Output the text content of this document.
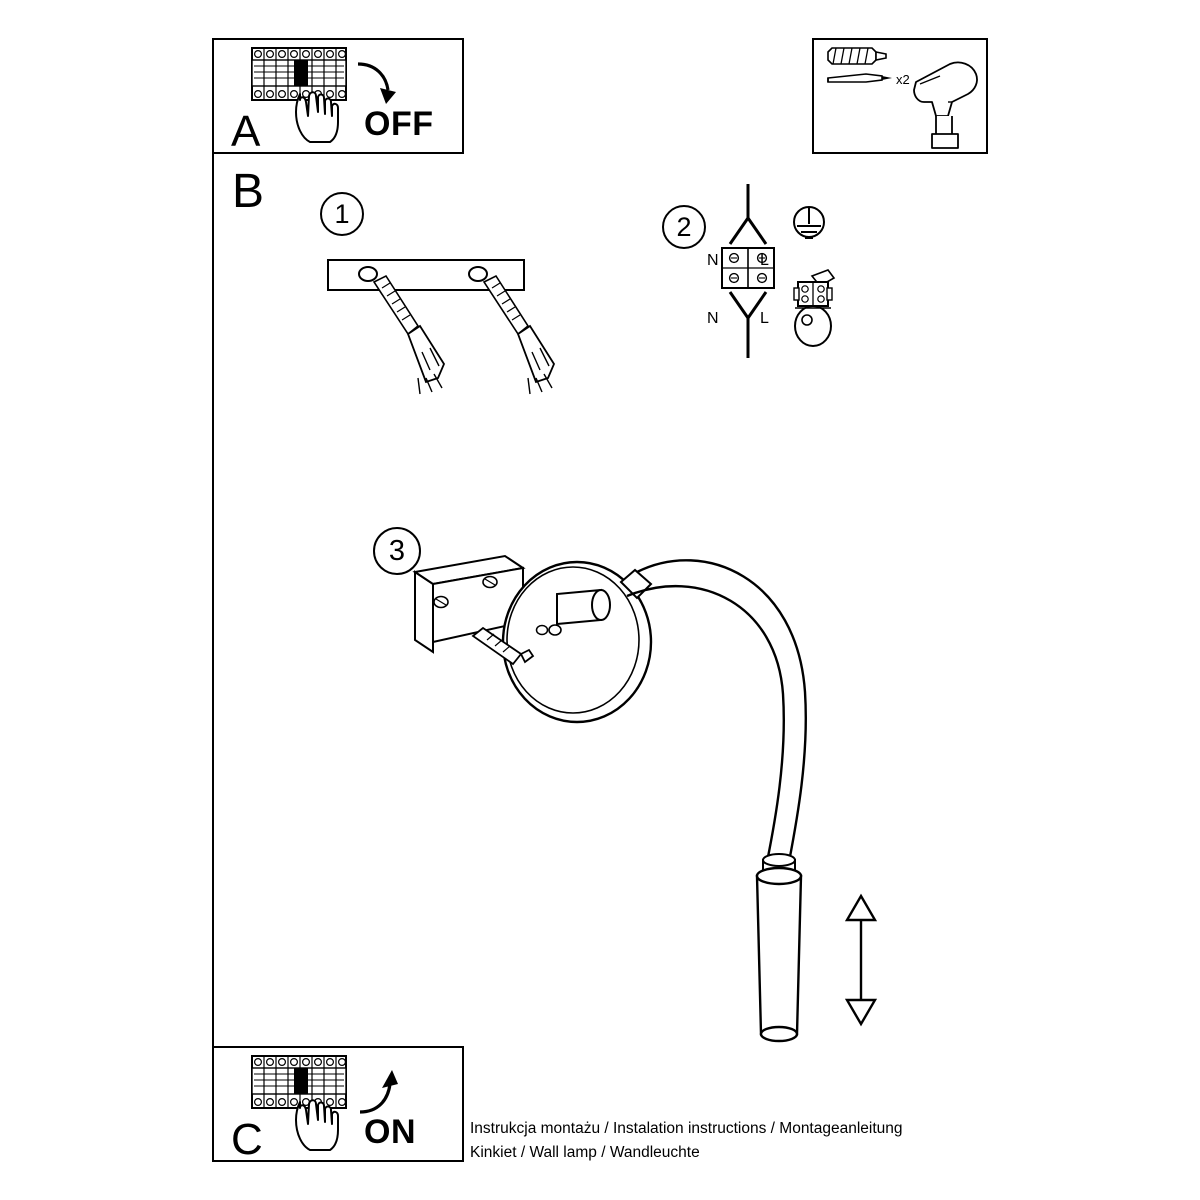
A	OFF
x2
B	1	2
N	L
N	L
3
C	ON	Instrukcja montażu / Instalation instructions / Montageanleitung
Kinkiet / Wall lamp / Wandleuchte
